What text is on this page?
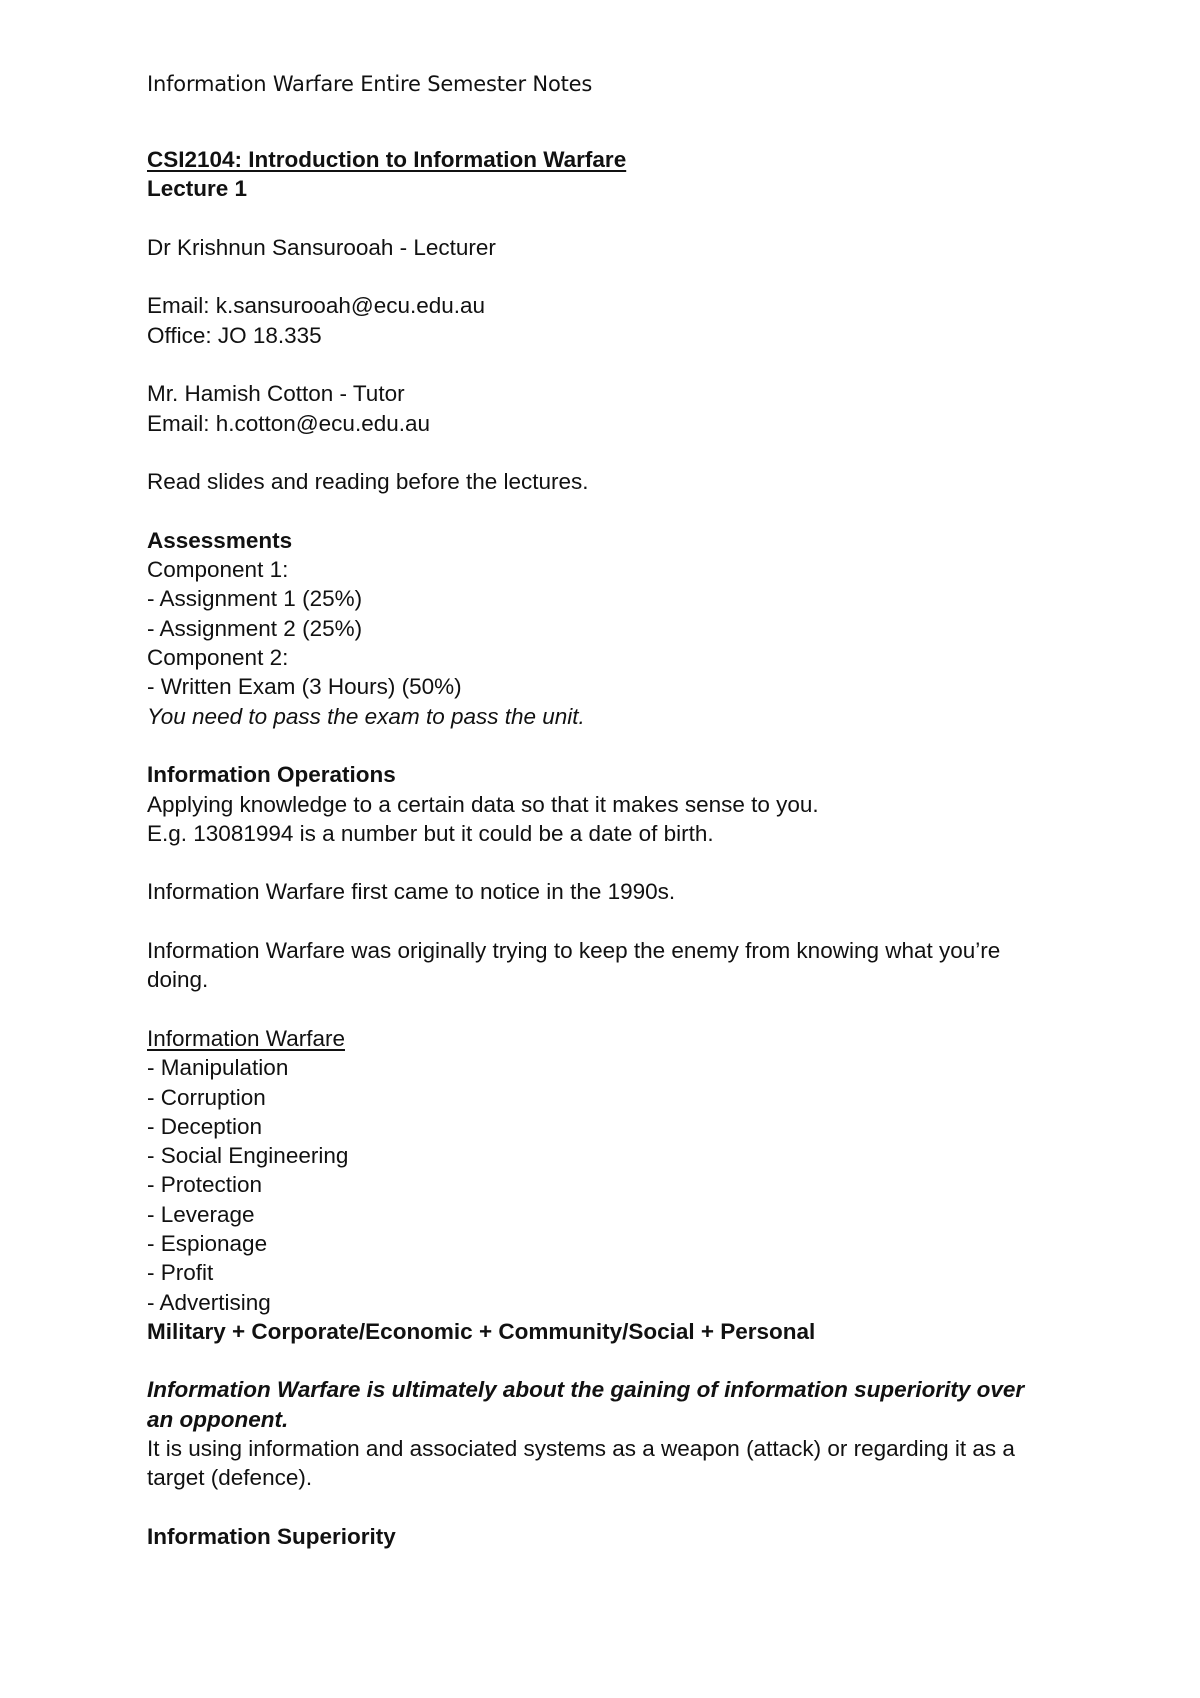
Information Warfare Entire Semester Notes
CSI2104: Introduction to Information Warfare
Lecture 1
Dr Krishnun Sansurooah - Lecturer
Email: k.sansurooah@ecu.edu.au
Office: JO 18.335
Mr. Hamish Cotton - Tutor
Email: h.cotton@ecu.edu.au
Read slides and reading before the lectures.
Assessments
Component 1:
- Assignment 1 (25%)
- Assignment 2 (25%)
Component 2:
- Written Exam (3 Hours) (50%)
You need to pass the exam to pass the unit.
Information Operations
Applying knowledge to a certain data so that it makes sense to you.
E.g. 13081994 is a number but it could be a date of birth.
Information Warfare first came to notice in the 1990s.
Information Warfare was originally trying to keep the enemy from knowing what you’re doing.
Information Warfare
- Manipulation
- Corruption
- Deception
- Social Engineering
- Protection
- Leverage
- Espionage
- Profit
- Advertising
Military + Corporate/Economic + Community/Social + Personal
Information Warfare is ultimately about the gaining of information superiority over an opponent.
It is using information and associated systems as a weapon (attack) or regarding it as a target (defence).
Information Superiority
